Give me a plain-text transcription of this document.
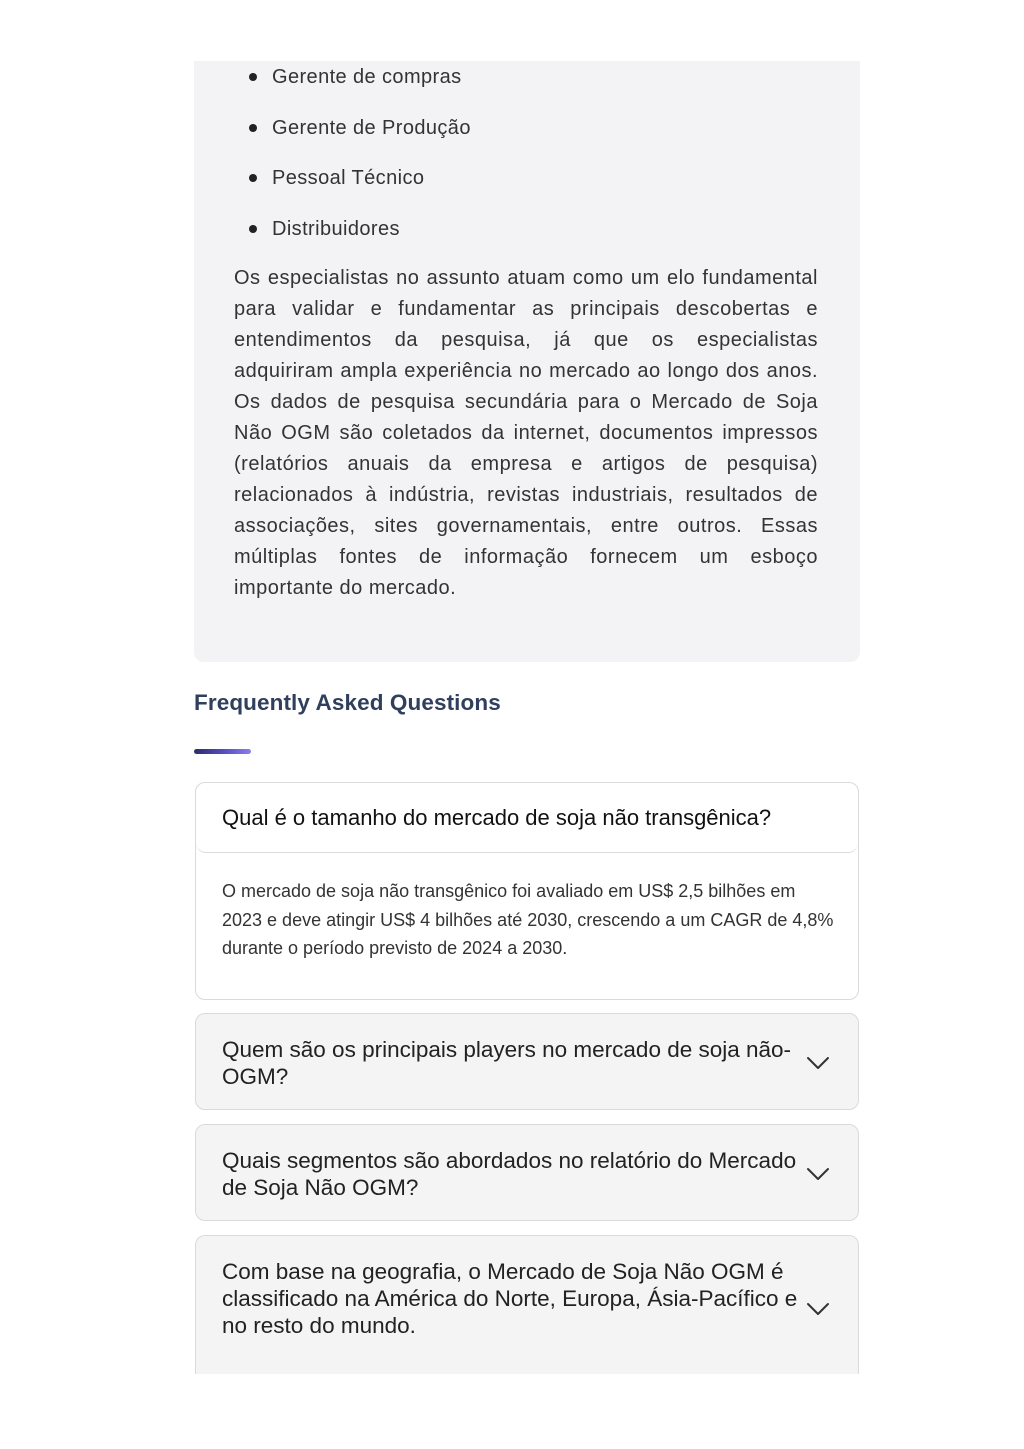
Gerente de compras
Gerente de Produção
Pessoal Técnico
Distribuidores

Os especialistas no assunto atuam como um elo fundamental para validar e fundamentar as principais descobertas e entendimentos da pesquisa, já que os especialistas adquiriram ampla experiência no mercado ao longo dos anos. Os dados de pesquisa secundária para o Mercado de Soja Não OGM são coletados da internet, documentos impressos (relatórios anuais da empresa e artigos de pesquisa) relacionados à indústria, revistas industriais, resultados de associações, sites governamentais, entre outros. Essas múltiplas fontes de informação fornecem um esboço importante do mercado.

Frequently Asked Questions
Qual é o tamanho do mercado de soja não transgênica?

O mercado de soja não transgênico foi avaliado em US$ 2,5 bilhões em 2023 e deve atingir US$ 4 bilhões até 2030, crescendo a um CAGR de 4,8% durante o período previsto de 2024 a 2030.

Quem são os principais players no mercado de soja não-OGM?
Quais segmentos são abordados no relatório do Mercado de Soja Não OGM?
Com base na geografia, o Mercado de Soja Não OGM é classificado na América do Norte, Europa, Ásia-Pacífico e no resto do mundo.
